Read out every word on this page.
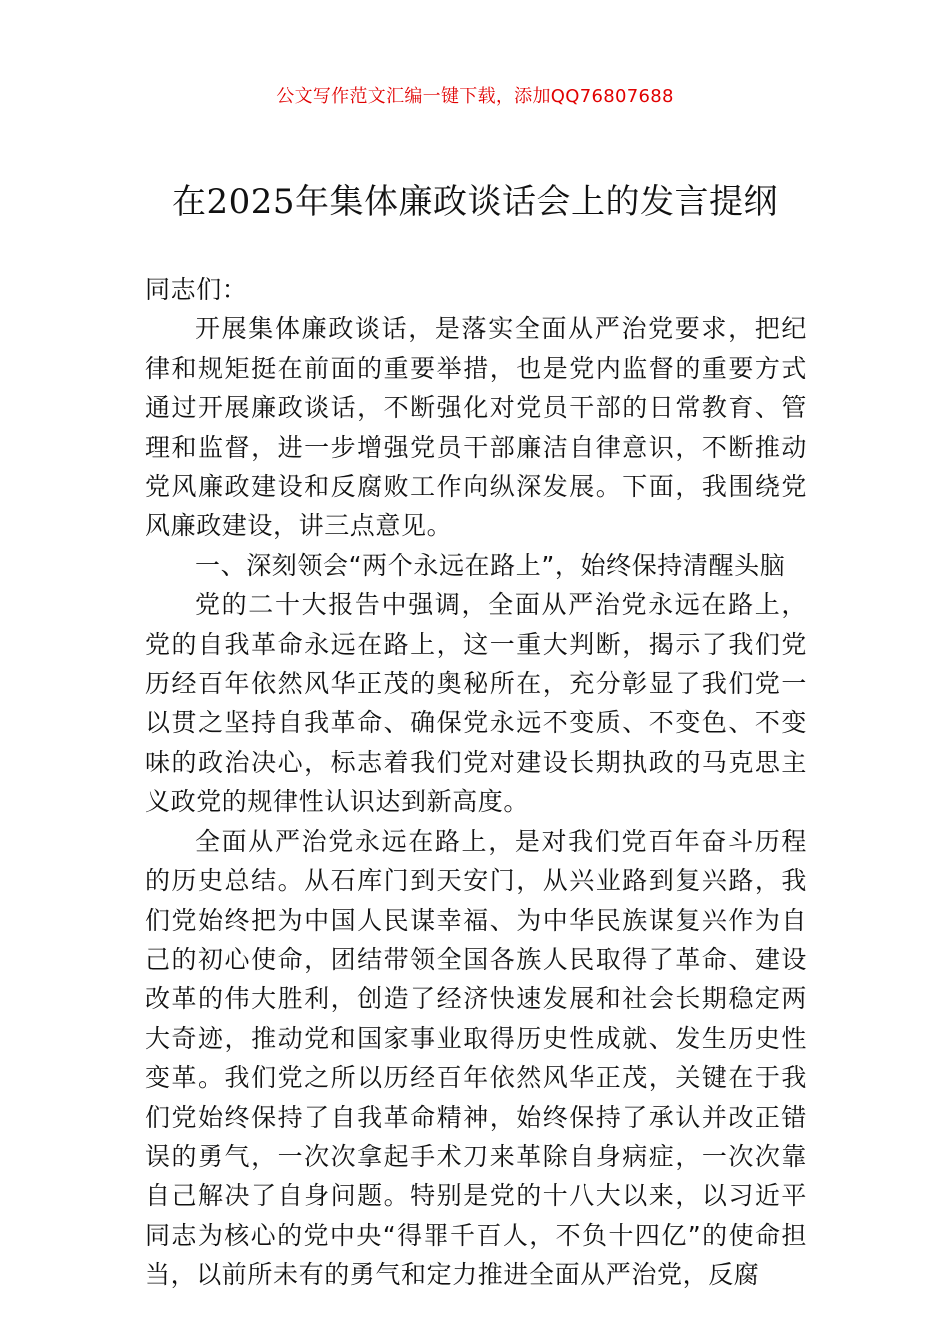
公文写作范文汇编一键下载，添加QQ76807688
在2025年集体廉政谈话会上的发言提纲

同志们：

开展集体廉政谈话，是落实全面从严治党要求，把纪律和规矩挺在前面的重要举措，也是党内监督的重要方式通过开展廉政谈话，不断强化对党员干部的日常教育、管理和监督，进一步增强党员干部廉洁自律意识，不断推动党风廉政建设和反腐败工作向纵深发展。下面，我围绕党风廉政建设，讲三点意见。

一、深刻领会“两个永远在路上”，始终保持清醒头脑

党的二十大报告中强调，全面从严治党永远在路上，党的自我革命永远在路上，这一重大判断，揭示了我们党历经百年依然风华正茂的奥秘所在，充分彰显了我们党一以贯之坚持自我革命、确保党永远不变质、不变色、不变味的政治决心，标志着我们党对建设长期执政的马克思主义政党的规律性认识达到新高度。

全面从严治党永远在路上，是对我们党百年奋斗历程的历史总结。从石库门到天安门，从兴业路到复兴路，我们党始终把为中国人民谋幸福、为中华民族谋复兴作为自己的初心使命，团结带领全国各族人民取得了革命、建设改革的伟大胜利，创造了经济快速发展和社会长期稳定两大奇迹，推动党和国家事业取得历史性成就、发生历史性变革。我们党之所以历经百年依然风华正茂，关键在于我们党始终保持了自我革命精神，始终保持了承认并改正错误的勇气，一次次拿起手术刀来革除自身病症，一次次靠自己解决了自身问题。特别是党的十八大以来，以习近平同志为核心的党中央“得罪千百人，不负十四亿”的使命担当，以前所未有的勇气和定力推进全面从严治党，反腐
